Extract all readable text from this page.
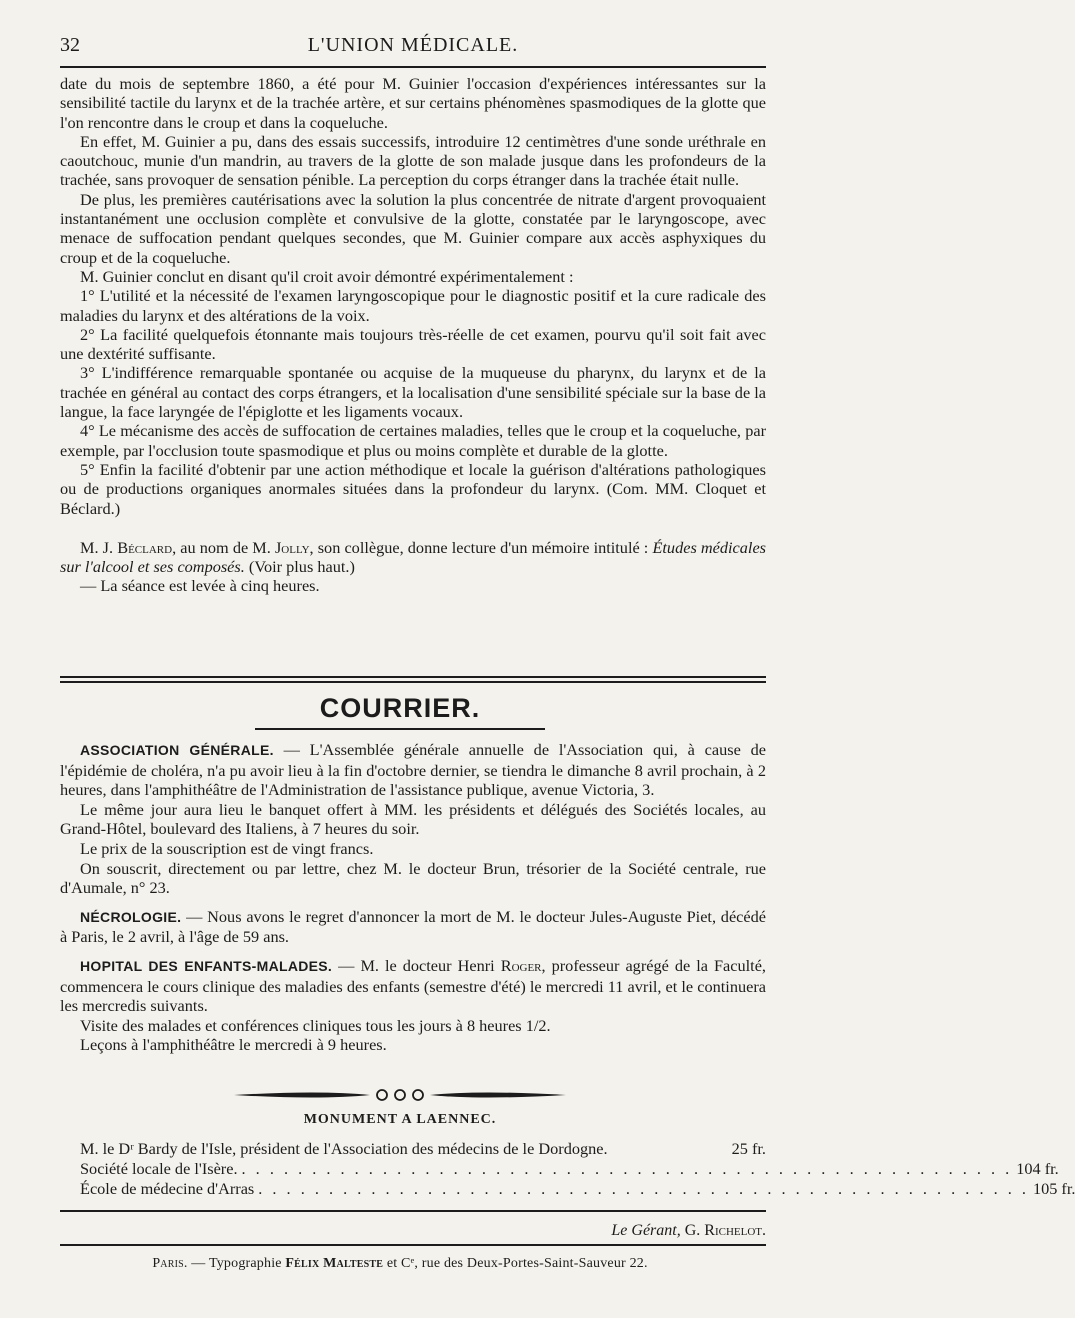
32	L'UNION MÉDICALE.

date du mois de septembre 1860, a été pour M. Guinier l'occasion d'expériences intéressantes sur la sensibilité tactile du larynx et de la trachée artère, et sur certains phénomènes spasmodiques de la glotte que l'on rencontre dans le croup et dans la coqueluche.

En effet, M. Guinier a pu, dans des essais successifs, introduire 12 centimètres d'une sonde uréthrale en caoutchouc, munie d'un mandrin, au travers de la glotte de son malade jusque dans les profondeurs de la trachée, sans provoquer de sensation pénible. La perception du corps étranger dans la trachée était nulle.

De plus, les premières cautérisations avec la solution la plus concentrée de nitrate d'argent provoquaient instantanément une occlusion complète et convulsive de la glotte, constatée par le laryngoscope, avec menace de suffocation pendant quelques secondes, que M. Guinier compare aux accès asphyxiques du croup et de la coqueluche.

M. Guinier conclut en disant qu'il croit avoir démontré expérimentalement :

1° L'utilité et la nécessité de l'examen laryngoscopique pour le diagnostic positif et la cure radicale des maladies du larynx et des altérations de la voix.

2° La facilité quelquefois étonnante mais toujours très-réelle de cet examen, pourvu qu'il soit fait avec une dextérité suffisante.

3° L'indifférence remarquable spontanée ou acquise de la muqueuse du pharynx, du larynx et de la trachée en général au contact des corps étrangers, et la localisation d'une sensibilité spéciale sur la base de la langue, la face laryngée de l'épiglotte et les ligaments vocaux.

4° Le mécanisme des accès de suffocation de certaines maladies, telles que le croup et la coqueluche, par exemple, par l'occlusion toute spasmodique et plus ou moins complète et durable de la glotte.

5° Enfin la facilité d'obtenir par une action méthodique et locale la guérison d'altérations pathologiques ou de productions organiques anormales situées dans la profondeur du larynx. (Com. MM. Cloquet et Béclard.)

M. J. Béclard, au nom de M. Jolly, son collègue, donne lecture d'un mémoire intitulé : Études médicales sur l'alcool et ses composés. (Voir plus haut.)

— La séance est levée à cinq heures.

COURRIER.

ASSOCIATION GÉNÉRALE. — L'Assemblée générale annuelle de l'Association qui, à cause de l'épidémie de choléra, n'a pu avoir lieu à la fin d'octobre dernier, se tiendra le dimanche 8 avril prochain, à 2 heures, dans l'amphithéâtre de l'Administration de l'assistance publique, avenue Victoria, 3.

Le même jour aura lieu le banquet offert à MM. les présidents et délégués des Sociétés locales, au Grand-Hôtel, boulevard des Italiens, à 7 heures du soir.

Le prix de la souscription est de vingt francs.

On souscrit, directement ou par lettre, chez M. le docteur Brun, trésorier de la Société centrale, rue d'Aumale, n° 23.

NÉCROLOGIE. — Nous avons le regret d'annoncer la mort de M. le docteur Jules-Auguste Piet, décédé à Paris, le 2 avril, à l'âge de 59 ans.

HOPITAL DES ENFANTS-MALADES. — M. le docteur Henri Roger, professeur agrégé de la Faculté, commencera le cours clinique des maladies des enfants (semestre d'été) le mercredi 11 avril, et le continuera les mercredis suivants.

Visite des malades et conférences cliniques tous les jours à 8 heures 1/2.

Leçons à l'amphithéâtre le mercredi à 9 heures.

MONUMENT A LAENNEC.
M. le Dʳ Bardy de l'Isle, président de l'Association des médecins de le Dordogne.	25 fr.
Société locale de l'Isère. . . . . . . . . . . . . . . . . . . . . . . . . . . . . . . . . . . . . . . . . . . . . . . . . . . . . . . . 104 fr.
École de médecine d'Arras . . . . . . . . . . . . . . . . . . . . . . . . . . . . . . . . . . . . . . . . . . . . . . . . . . . . . . . 105 fr.
Le Gérant, G. Richelot.
Paris. — Typographie Félix Malteste et Cᵉ, rue des Deux-Portes-Saint-Sauveur 22.
